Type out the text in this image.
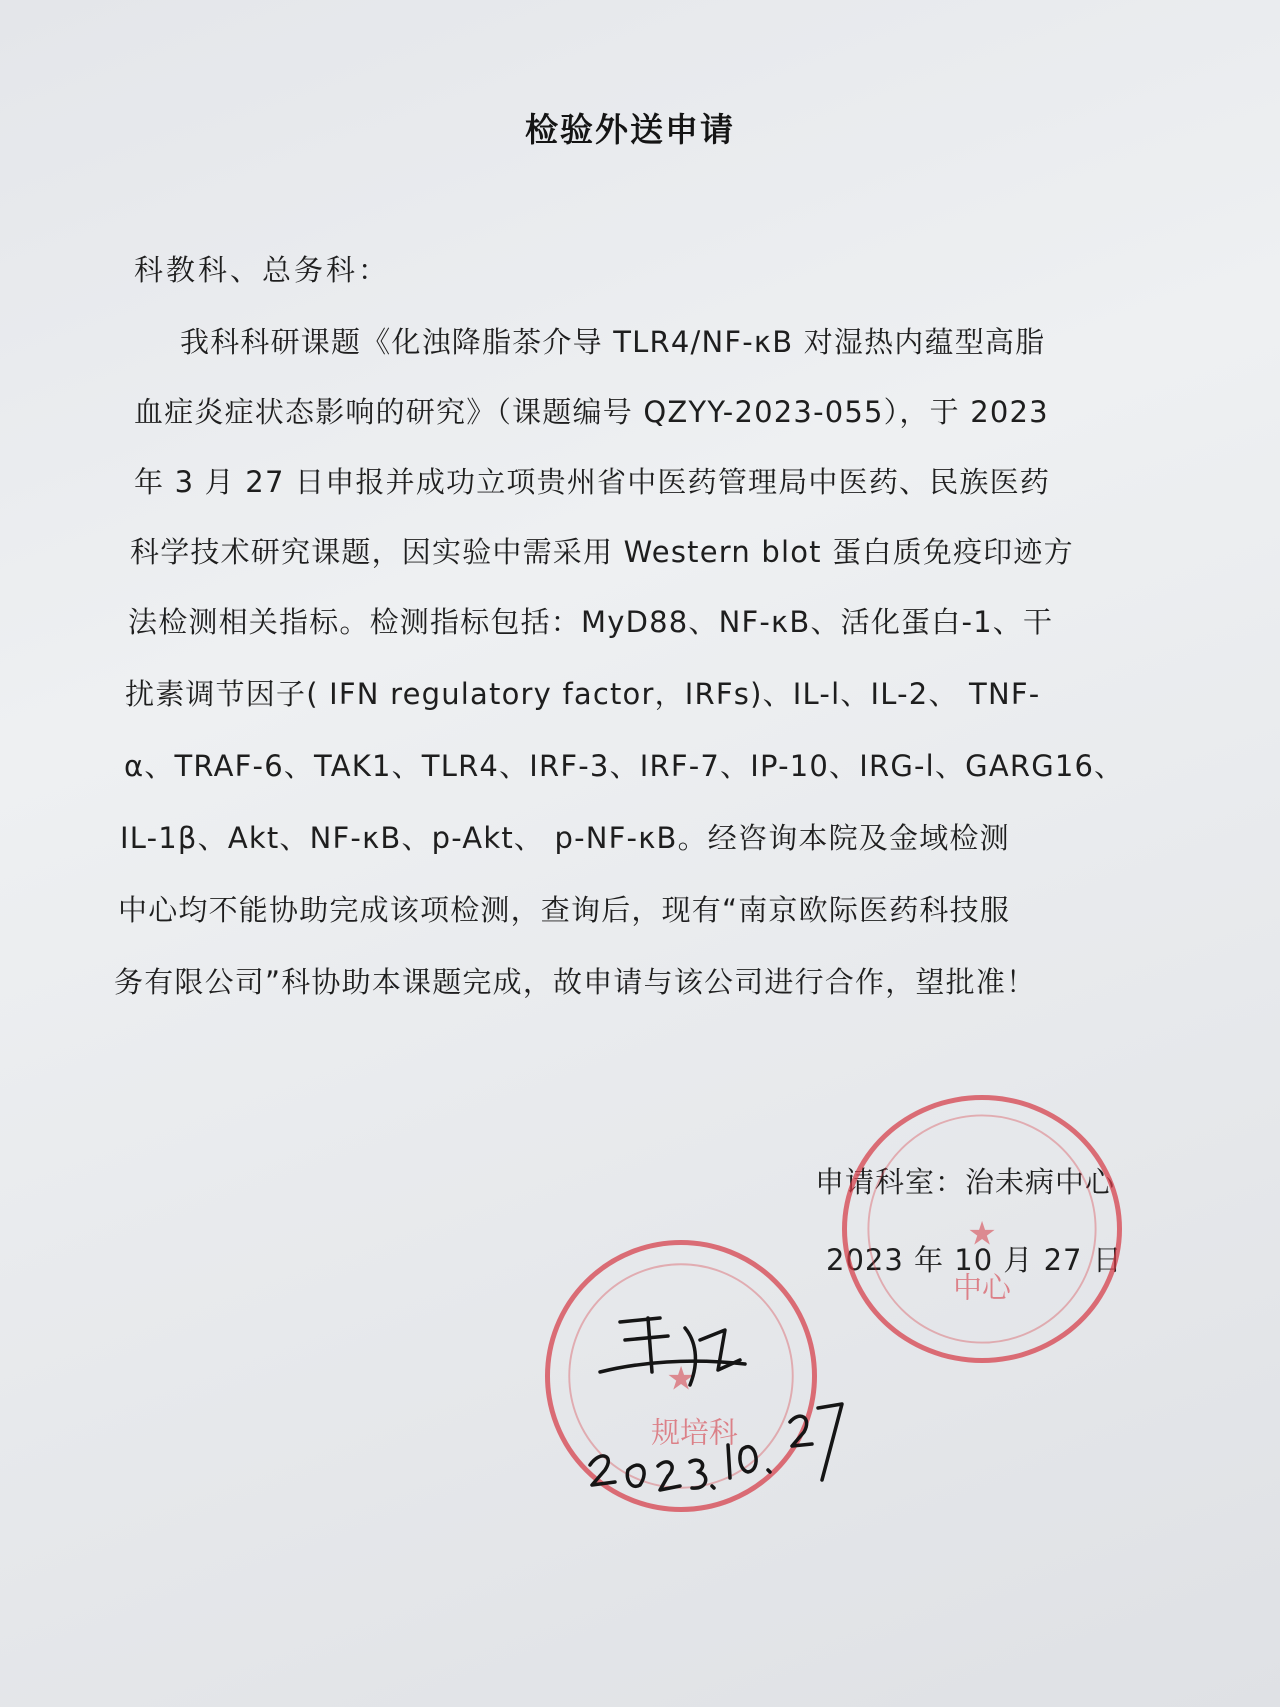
检验外送申请
科教科、总务科：
我科科研课题《化浊降脂茶介导 TLR4/NF-κB 对湿热内蕴型高脂
血症炎症状态影响的研究》（课题编号 QZYY-2023-055），于 2023
年 3 月 27 日申报并成功立项贵州省中医药管理局中医药、民族医药
科学技术研究课题，因实验中需采用 Western blot 蛋白质免疫印迹方
法检测相关指标。检测指标包括：MyD88、NF-κB、活化蛋白-1、干
扰素调节因子( IFN regulatory factor，IRFs)、IL-l、IL-2、 TNF-
α、TRAF-6、TAK1、TLR4、IRF-3、IRF-7、IP-10、IRG-l、GARG16、
IL-1β、Akt、NF-κB、p-Akt、 p-NF-κB。经咨询本院及金域检测
中心均不能协助完成该项检测，查询后，现有“南京欧际医药科技服
务有限公司”科协助本课题完成，故申请与该公司进行合作，望批准！
申请科室：治未病中心
2023 年 10 月 27 日
★
中心
★
规培科
